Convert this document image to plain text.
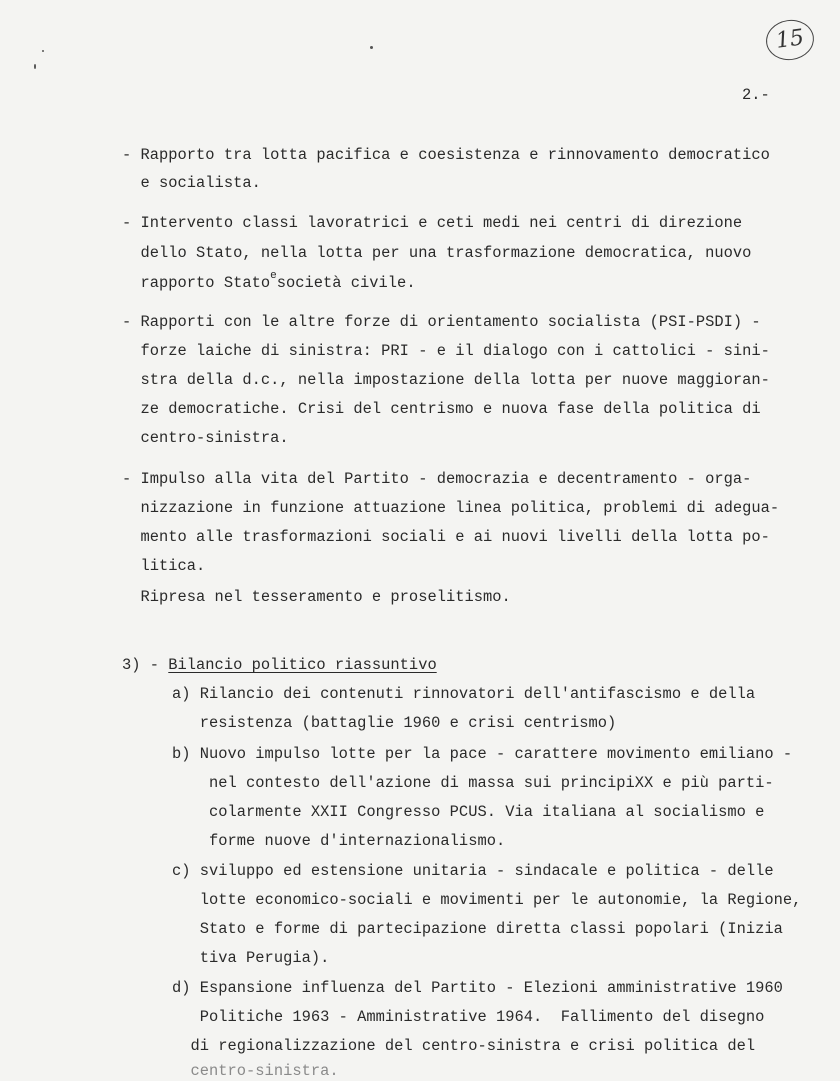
15
2.-
- Rapporto tra lotta pacifica e coesistenza e rinnovamento democratico
e socialista.
- Intervento classi lavoratrici e ceti medi nei centri di direzione
dello Stato, nella lotta per una trasformazione democratica, nuovo
rapporto Stato$^e$società civile.
- Rapporti con le altre forze di orientamento socialista (PSI-PSDI) -
forze laiche di sinistra: PRI - e il dialogo con i cattolici - sini-
stra della d.c., nella impostazione della lotta per nuove maggioran-
ze democratiche. Crisi del centrismo e nuova fase della politica di
centro-sinistra.
- Impulso alla vita del Partito - democrazia e decentramento - orga-
nizzazione in funzione attuazione linea politica, problemi di adegua-
mento alle trasformazioni sociali e ai nuovi livelli della lotta po-
litica.
Ripresa nel tesseramento e proselitismo.
3) - Bilancio politico riassuntivo
a) Rilancio dei contenuti rinnovatori dell'antifascismo e della
resistenza (battaglie 1960 e crisi centrismo)
b) Nuovo impulso lotte per la pace - carattere movimento emiliano -
nel contesto dell'azione di massa sui principiXX e più parti-
colarmente XXII Congresso PCUS. Via italiana al socialismo e
forme nuove d'internazionalismo.
c) sviluppo ed estensione unitaria - sindacale e politica - delle
lotte economico-sociali e movimenti per le autonomie, la Regione,
Stato e forme di partecipazione diretta classi popolari (Inizia
tiva Perugia).
d) Espansione influenza del Partito - Elezioni amministrative 1960
Politiche 1963 - Amministrative 1964.  Fallimento del disegno
di regionalizzazione del centro-sinistra e crisi politica del
centro-sinistra.
